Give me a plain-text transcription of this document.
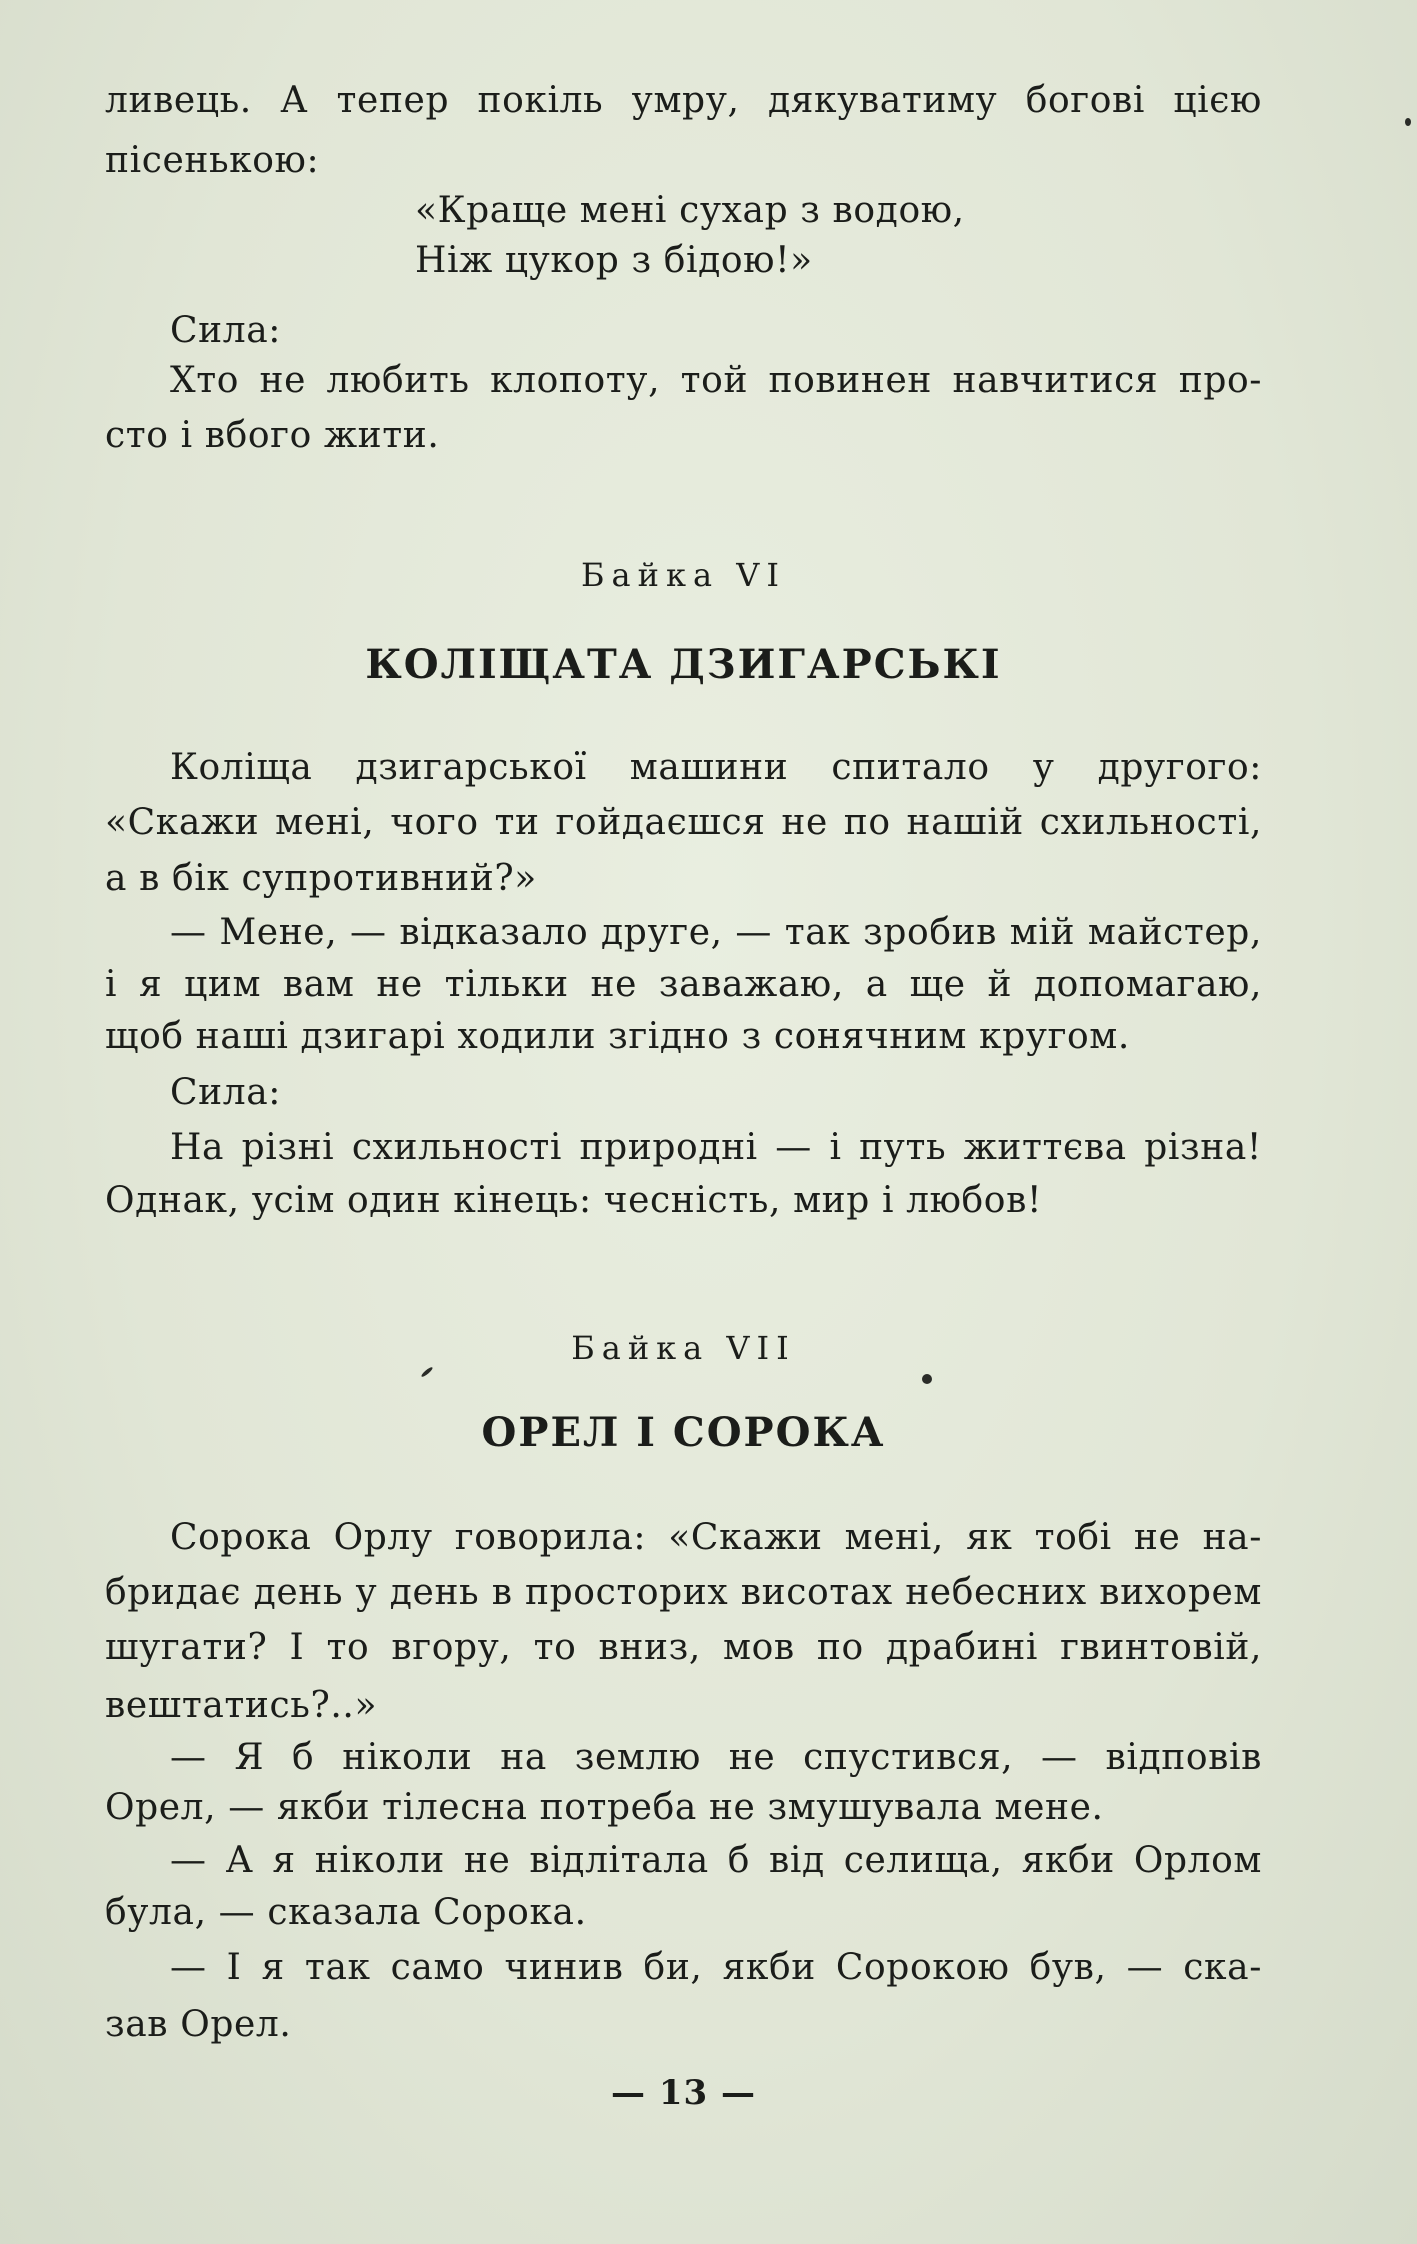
ливець. А тепер покіль умру, дякуватиму богові цією
пісенькою:
«Краще мені сухар з водою,
Ніж цукор з бідою!»
Сила:
Хто не любить клопоту, той повинен навчитися про-
сто і вбого жити.
Байка VI
КОЛІЩАТА ДЗИГАРСЬКІ
Коліща дзигарської машини спитало у другого:
«Скажи мені, чого ти гойдаєшся не по нашій схильності,
а в бік супротивний?»
— Мене, — відказало друге, — так зробив мій майстер,
і я цим вам не тільки не заважаю, а ще й допомагаю,
щоб наші дзигарі ходили згідно з сонячним кругом.
Сила:
На різні схильності природні — і путь життєва різна!
Однак, усім один кінець: чесність, мир і любов!
Байка VII
ОРЕЛ І СОРОКА
Сорока Орлу говорила: «Скажи мені, як тобі не на-
бридає день у день в просторих висотах небесних вихорем
шугати? І то вгору, то вниз, мов по драбині гвинтовій,
вештатись?..»
— Я б ніколи на землю не спустився, — відповів
Орел, — якби тілесна потреба не змушувала мене.
— А я ніколи не відлітала б від селища, якби Орлом
була, — сказала Сорока.
— І я так само чинив би, якби Сорокою був, — ска-
зав Орел.
— 13 —
